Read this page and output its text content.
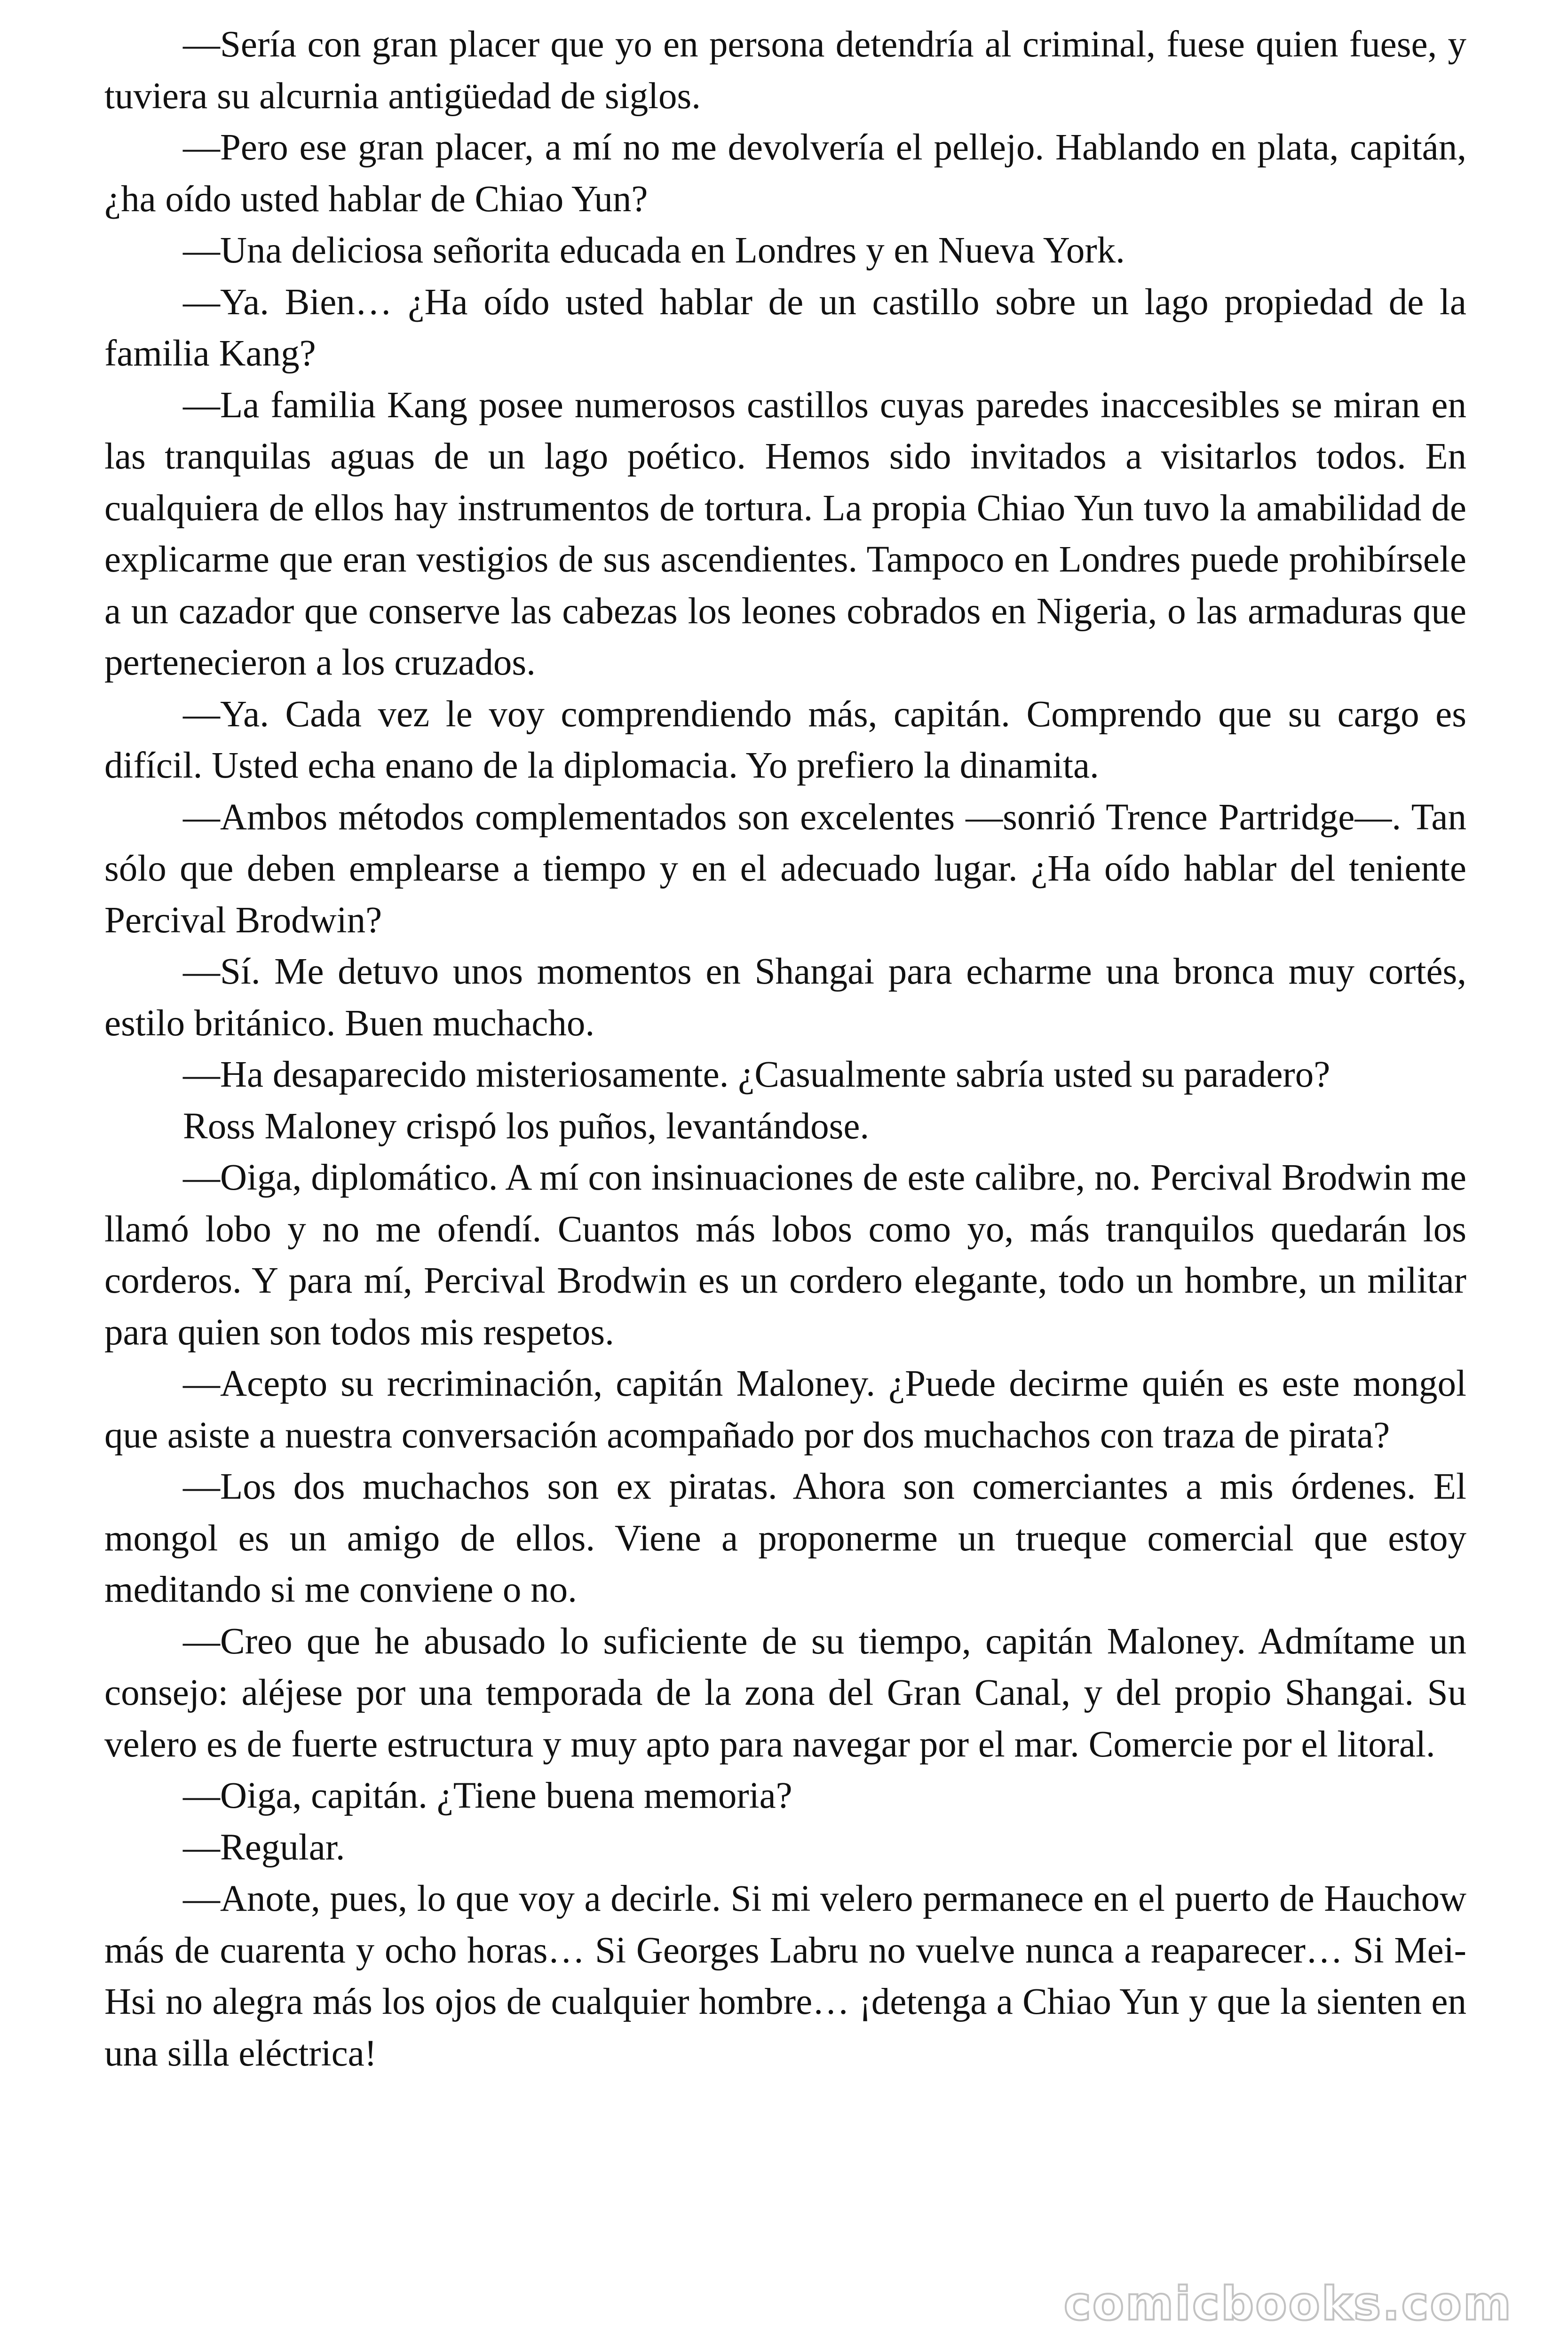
—Sería con gran placer que yo en persona detendría al criminal, fuese quien fuese, y tuviera su alcurnia antigüedad de siglos.

—Pero ese gran placer, a mí no me devolvería el pellejo. Hablando en plata, capitán, ¿ha oído usted hablar de Chiao Yun?

—Una deliciosa señorita educada en Londres y en Nueva York.

—Ya. Bien… ¿Ha oído usted hablar de un castillo sobre un lago propiedad de la familia Kang?

—La familia Kang posee numerosos castillos cuyas paredes inaccesibles se miran en las tranquilas aguas de un lago poético. Hemos sido invitados a visitarlos todos. En cualquiera de ellos hay instrumentos de tortura. La propia Chiao Yun tuvo la amabilidad de explicarme que eran vestigios de sus ascendientes. Tampoco en Londres puede prohibírsele a un cazador que conserve las cabezas los leones cobrados en Nigeria, o las armaduras que pertenecieron a los cruzados.

—Ya. Cada vez le voy comprendiendo más, capitán. Comprendo que su cargo es difícil. Usted echa enano de la diplomacia. Yo prefiero la dinamita.

—Ambos métodos complementados son excelentes —sonrió Trence Partridge—. Tan sólo que deben emplearse a tiempo y en el adecuado lugar. ¿Ha oído hablar del teniente Percival Brodwin?

—Sí. Me detuvo unos momentos en Shangai para echarme una bronca muy cortés, estilo británico. Buen muchacho.

—Ha desaparecido misteriosamente. ¿Casualmente sabría usted su paradero?

Ross Maloney crispó los puños, levantándose.

—Oiga, diplomático. A mí con insinuaciones de este calibre, no. Percival Brodwin me llamó lobo y no me ofendí. Cuantos más lobos como yo, más tranquilos quedarán los corderos. Y para mí, Percival Brodwin es un cordero elegante, todo un hombre, un militar para quien son todos mis respetos.

—Acepto su recriminación, capitán Maloney. ¿Puede decirme quién es este mongol que asiste a nuestra conversación acompañado por dos muchachos con traza de pirata?

—Los dos muchachos son ex piratas. Ahora son comerciantes a mis órdenes. El mongol es un amigo de ellos. Viene a proponerme un trueque comercial que estoy meditando si me conviene o no.

—Creo que he abusado lo suficiente de su tiempo, capitán Maloney. Admítame un consejo: aléjese por una temporada de la zona del Gran Canal, y del propio Shangai. Su velero es de fuerte estructura y muy apto para navegar por el mar. Comercie por el litoral.

—Oiga, capitán. ¿Tiene buena memoria?

—Regular.

—Anote, pues, lo que voy a decirle. Si mi velero permanece en el puerto de Hauchow más de cuarenta y ocho horas… Si Georges Labru no vuelve nunca a reaparecer… Si Mei-Hsi no alegra más los ojos de cualquier hombre… ¡detenga a Chiao Yun y que la sienten en una silla eléctrica!

comicbooks.com
